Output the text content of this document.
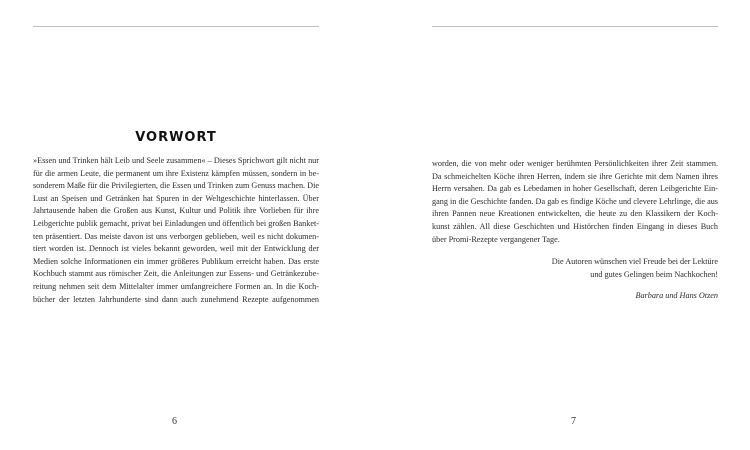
VORWORT
»Essen und Trinken hält Leib und Seele zusammen« – Dieses Sprichwort gilt nicht nur
für die armen Leute, die permanent um ihre Existenz kämpfen müssen, sondern in be-
sonderem Maße für die Privilegierten, die Essen und Trinken zum Genuss machen. Die
Lust an Speisen und Getränken hat Spuren in der Weltgeschichte hinterlassen. Über
Jahrtausende haben die Großen aus Kunst, Kultur und Politik ihre Vorlieben für ihre
Leibgerichte publik gemacht, privat bei Einladungen und öffentlich bei großen Banket-
ten präsentiert. Das meiste davon ist uns verborgen geblieben, weil es nicht dokumen-
tiert worden ist. Dennoch ist vieles bekannt geworden, weil mit der Entwicklung der
Medien solche Informationen ein immer größeres Publikum erreicht haben. Das erste
Kochbuch stammt aus römischer Zeit, die Anleitungen zur Essens- und Getränkezube-
reitung nehmen seit dem Mittelalter immer umfangreichere Formen an. In die Koch-
bücher der letzten Jahrhunderte sind dann auch zunehmend Rezepte aufgenommen
6
worden, die von mehr oder weniger berühmten Persönlichkeiten ihrer Zeit stammen.
Da schmeichelten Köche ihren Herren, indem sie ihre Gerichte mit dem Namen ihres
Herrn versahen. Da gab es Lebedamen in hoher Gesellschaft, deren Leibgerichte Ein-
gang in die Geschichte fanden. Da gab es findige Köche und clevere Lehrlinge, die aus
ihren Pannen neue Kreationen entwickelten, die heute zu den Klassikern der Koch-
kunst zählen. All diese Geschichten und Histörchen finden Eingang in dieses Buch
über Promi-Rezepte vergangener Tage.
Die Autoren wünschen viel Freude bei der Lektüre
und gutes Gelingen beim Nachkochen!
Barbara und Hans Otzen
7
